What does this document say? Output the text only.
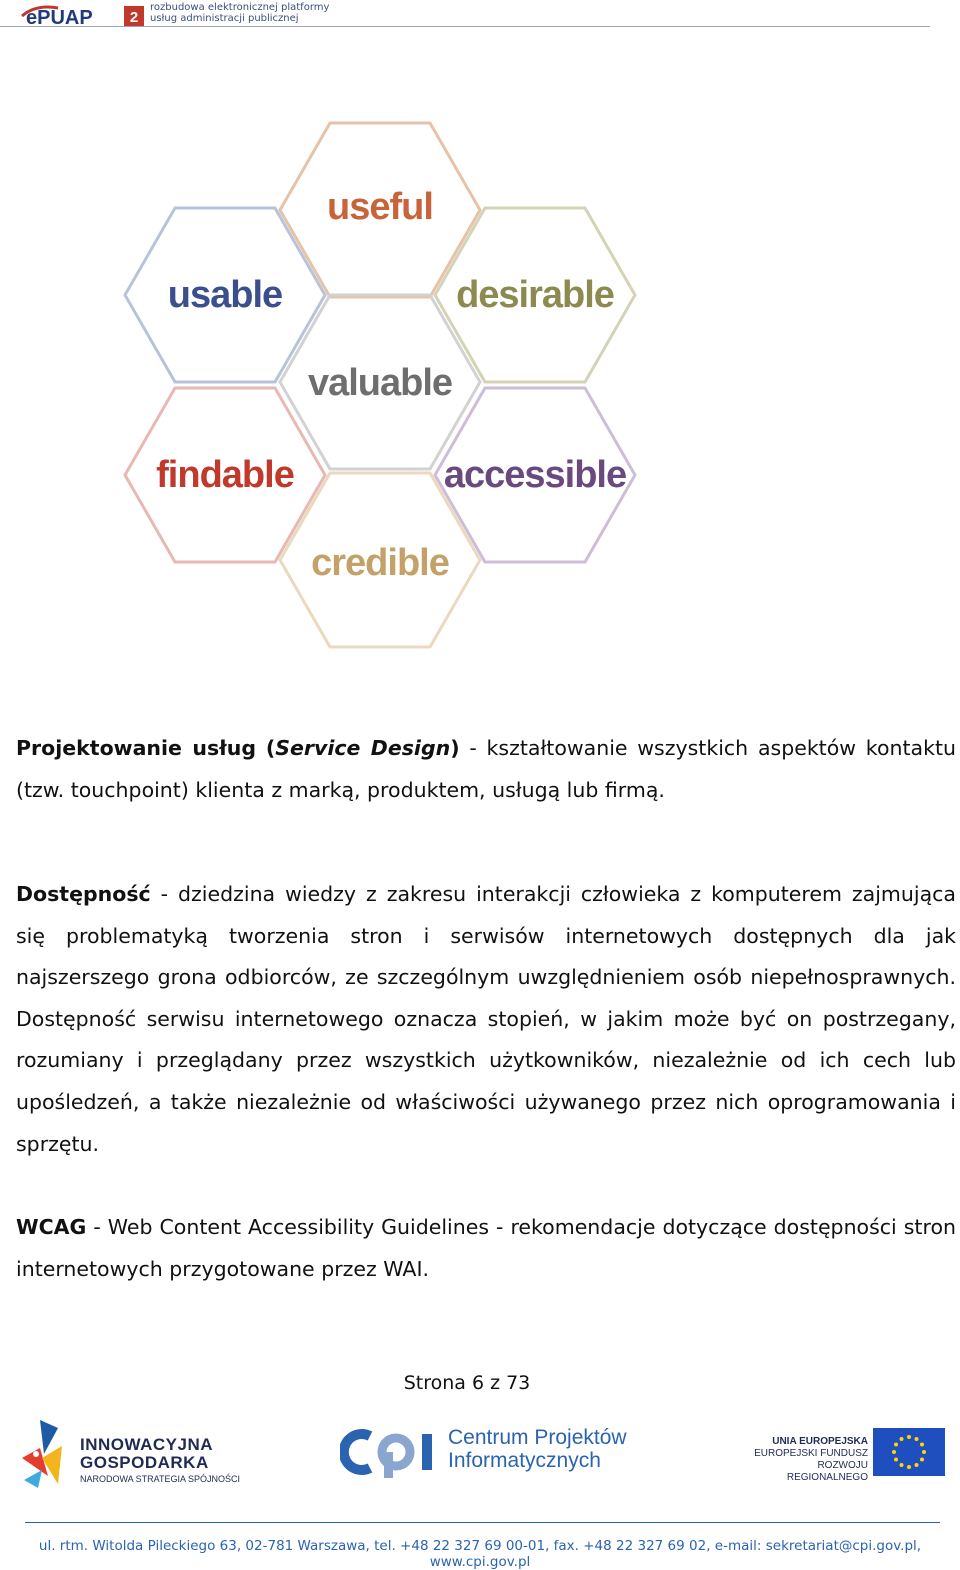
ePUAP 2
rozbudowa elektronicznej platformy
usług administracji publicznej
useful
usable	desirable
valuable
findable	accessible
credible

Projektowanie usług (Service Design) - kształtowanie wszystkich aspektów kontaktu (tzw. touchpoint) klienta z marką, produktem, usługą lub firmą.

Dostępność - dziedzina wiedzy z zakresu interakcji człowieka z komputerem zajmująca się problematyką tworzenia stron i serwisów internetowych dostępnych dla jak najszerszego grona odbiorców, ze szczególnym uwzględnieniem osób niepełnosprawnych. Dostępność serwisu internetowego oznacza stopień, w jakim może być on postrzegany, rozumiany i przeglądany przez wszystkich użytkowników, niezależnie od ich cech lub upośledzeń, a także niezależnie od właściwości używanego przez nich oprogramowania i sprzętu.

WCAG - Web Content Accessibility Guidelines - rekomendacje dotyczące dostępności stron internetowych przygotowane przez WAI.

Strona 6 z 73
INNOWACYJNA
GOSPODARKA
NARODOWA STRATEGIA SPÓJNOŚCI
Centrum Projektów
Informatycznych
UNIA EUROPEJSKA
EUROPEJSKI FUNDUSZ
ROZWOJU REGIONALNEGO
ul. rtm. Witolda Pileckiego 63, 02-781 Warszawa, tel. +48 22 327 69 00-01, fax. +48 22 327 69 02, e-mail: sekretariat@cpi.gov.pl, www.cpi.gov.pl
